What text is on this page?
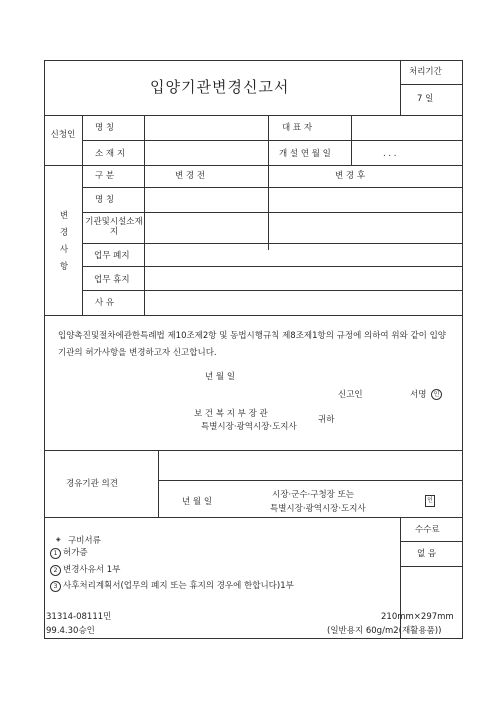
입양기관변경신고서
처리기간
7 일
신청인
명 칭	대 표 자
소 재 지	개 설 연 월 일	. . .
변경사항
구 분	변 경 전	변 경 후
명 칭
기관및시설소재 지
업무 폐지
업무 휴지
사 유
입양촉진및절차에관한특례법 제10조제2항 및 동법시행규칙 제8조제1항의 규정에 의하여 위와 같이 입양기관의 허가사항을 변경하고자 신고합니다.
년 월 일
신고인	서명	인
보 건 복 지 부 장 관
특별시장·광역시장·도지사
귀하
경유기관 의견
년 월 일
시장·군수·구청장 또는
특별시장·광역시장·도지사
인
◈ 구비서류
1 허가증
2 변경사유서 1부
3 사후처리계획서(업무의 폐지 또는 휴지의 경우에 한합니다)1부
수수료
없 음
31314-08111민
99.4.30승인
210mm×297mm
(일반용지 60g/m2(재활용품))
